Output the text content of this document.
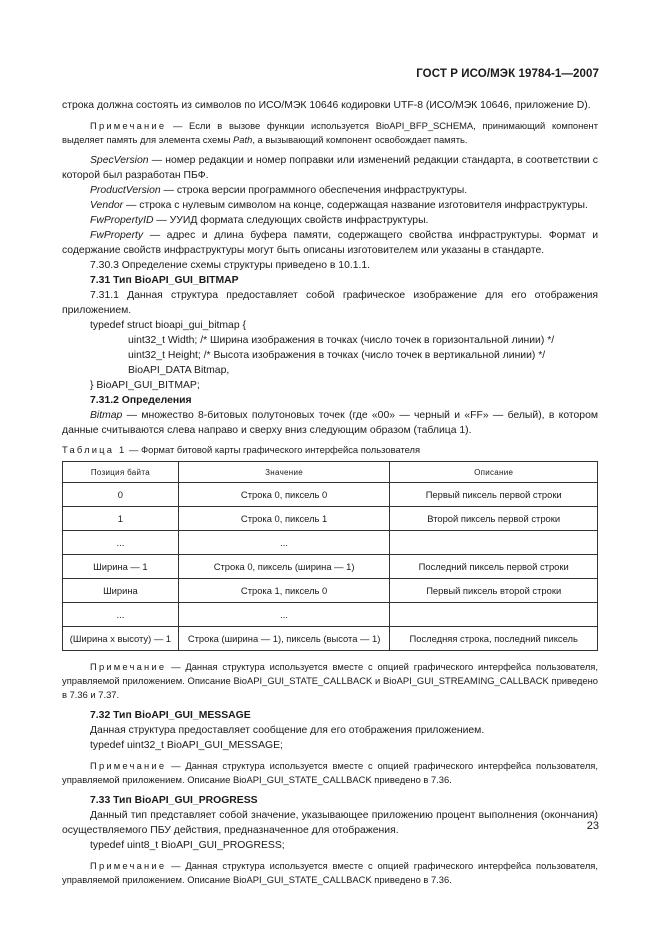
ГОСТ Р ИСО/МЭК 19784-1—2007

строка должна состоять из символов по ИСО/МЭК 10646 кодировки UTF-8 (ИСО/МЭК 10646, приложение D).

Примечание — Если в вызове функции используется BioAPI_BFP_SCHEMA, принимающий компонент выделяет память для элемента схемы Path, а вызывающий компонент освобождает память.

SpecVersion — номер редакции и номер поправки или изменений редакции стандарта, в соответствии с которой был разработан ПБФ.

ProductVersion — строка версии программного обеспечения инфраструктуры.

Vendor — строка с нулевым символом на конце, содержащая название изготовителя инфраструктуры.

FwPropertyID — УУИД формата следующих свойств инфраструктуры.

FwProperty — адрес и длина буфера памяти, содержащего свойства инфраструктуры. Формат и содержание свойств инфраструктуры могут быть описаны изготовителем или указаны в стандарте.

7.30.3 Определение схемы структуры приведено в 10.1.1.

7.31 Тип BioAPI_GUI_BITMAP

7.31.1 Данная структура предоставляет собой графическое изображение для его отображения приложением.

typedef struct bioapi_gui_bitmap {

uint32_t Width; /* Ширина изображения в точках (число точек в горизонтальной линии) */

uint32_t Height; /* Высота изображения в точках (число точек в вертикальной линии) */

BioAPI_DATA Bitmap,

} BioAPI_GUI_BITMAP;

7.31.2 Определения

Bitmap — множество 8-битовых полутоновых точек (где «00» — черный и «FF» — белый), в котором данные считываются слева направо и сверху вниз следующим образом (таблица 1).

Таблица 1 — Формат битовой карты графического интерфейса пользователя

Позиция байта	Значение	Описание
0	Строка 0, пиксель 0	Первый пиксель первой строки
1	Строка 0, пиксель 1	Второй пиксель первой строки
...	...	
Ширина — 1	Строка 0, пиксель (ширина — 1)	Последний пиксель первой строки
Ширина	Строка 1, пиксель 0	Первый пиксель второй строки
...	...	
(Ширина х высоту) — 1	Строка (ширина — 1), пиксель (высота — 1)	Последняя строка, последний пиксель

Примечание — Данная структура используется вместе с опцией графического интерфейса пользователя, управляемой приложением. Описание BioAPI_GUI_STATE_CALLBACK и BioAPI_GUI_STREAMING_CALLBACK приведено в 7.36 и 7.37.

7.32 Тип BioAPI_GUI_MESSAGE

Данная структура предоставляет сообщение для его отображения приложением.

typedef uint32_t BioAPI_GUI_MESSAGE;

Примечание — Данная структура используется вместе с опцией графического интерфейса пользователя, управляемой приложением. Описание BioAPI_GUI_STATE_CALLBACK приведено в 7.36.

7.33 Тип BioAPI_GUI_PROGRESS

Данный тип представляет собой значение, указывающее приложению процент выполнения (окончания) осуществляемого ПБУ действия, предназначенное для отображения.

typedef uint8_t BioAPI_GUI_PROGRESS;

Примечание — Данная структура используется вместе с опцией графического интерфейса пользователя, управляемой приложением. Описание BioAPI_GUI_STATE_CALLBACK приведено в 7.36.

23
